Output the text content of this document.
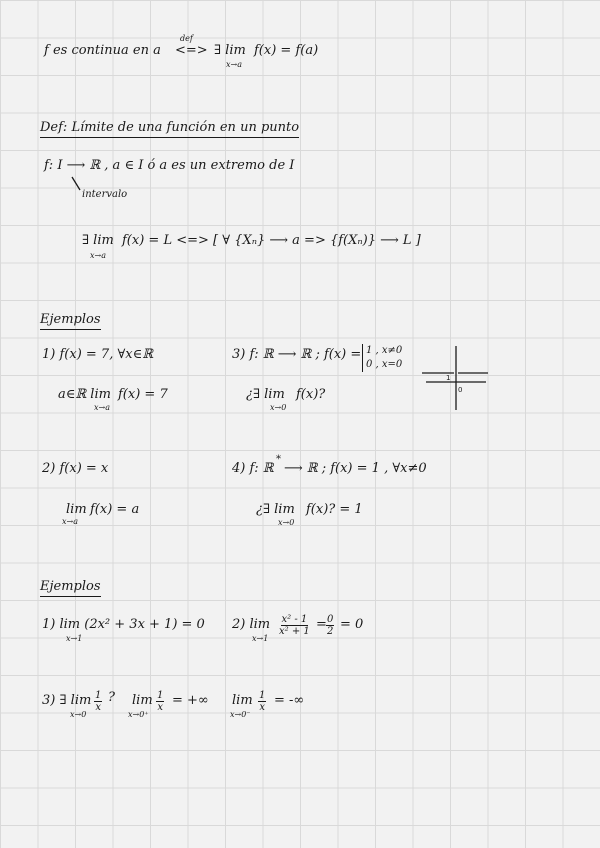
f es continua en a
def
<=> ∃ lim
x→a
f(x) = f(a)
Def: Límite de una función en un punto
f: I ⟶ ℝ , a ∈ I ó a es un extremo de I
intervalo
∃ lim
x→a
f(x) = L <=> [ ∀ {Xₙ} ⟶ a => {f(Xₙ)} ⟶ L ]
Ejemplos
1) f(x) = 7, ∀x∈ℝ
a∈ℝ lim
x→a
f(x) = 7
2) f(x) = x
lim
x→a
f(x) = a
3) f: ℝ ⟶ ℝ ; f(x) = 1 , x≠0
0 , x=0
¿∃ lim
x→0
f(x)?
1
0
4) f: ℝ
*
⟶ ℝ ; f(x) = 1 , ∀x≠0
¿∃ lim
x→0
f(x)? = 1
Ejemplos
1) lim (2x² + 3x + 1) = 0
x→1
2) lim
x→1
$\frac{\text{x² - 1}}{\text{x² + 1}} = \frac{0}{2} = 0$
3) ∃ lim
x→0
$\frac{1}{x}$ ? lim
x→0⁺
$\frac{1}{x}$ = +∞ lim
x→0⁻
$\frac{1}{x}$ = -∞
